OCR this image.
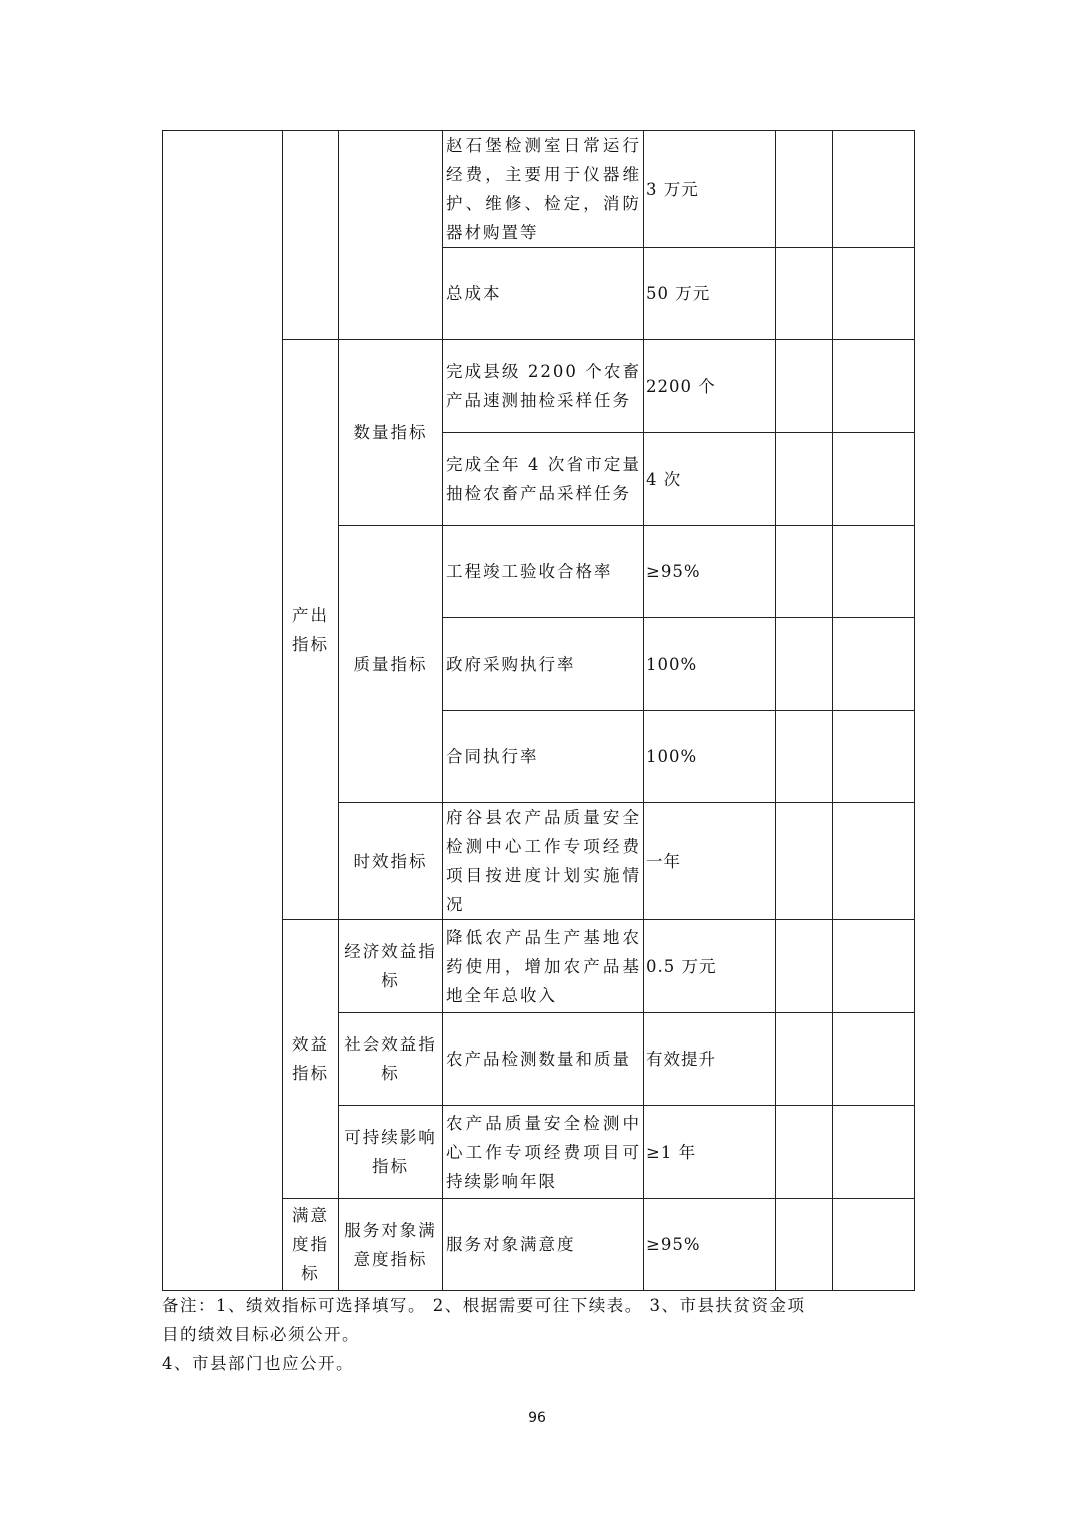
			赵石堡检测室日常运行经费，主要用于仪器维护、维修、检定，消防器材购置等	3 万元		
			总成本	50 万元		
	产出指标	数量指标	完成县级 2200 个农畜产品速测抽检采样任务	2200 个		
			完成全年 4 次省市定量抽检农畜产品采样任务	4 次		
		质量指标	工程竣工验收合格率	≥95%		
			政府采购执行率	100%		
			合同执行率	100%		
		时效指标	府谷县农产品质量安全检测中心工作专项经费项目按进度计划实施情况	一年		
	效益指标	经济效益指标	降低农产品生产基地农药使用，增加农产品基地全年总收入	0.5 万元		
		社会效益指标	农产品检测数量和质量	有效提升		
		可持续影响指标	农产品质量安全检测中心工作专项经费项目可持续影响年限	≥1 年		
	满意度指标	服务对象满意度指标	服务对象满意度	≥95%		
备注：1、绩效指标可选择填写。 2、根据需要可往下续表。 3、市县扶贫资金项
目的绩效目标必须公开。
4、市县部门也应公开。
96
